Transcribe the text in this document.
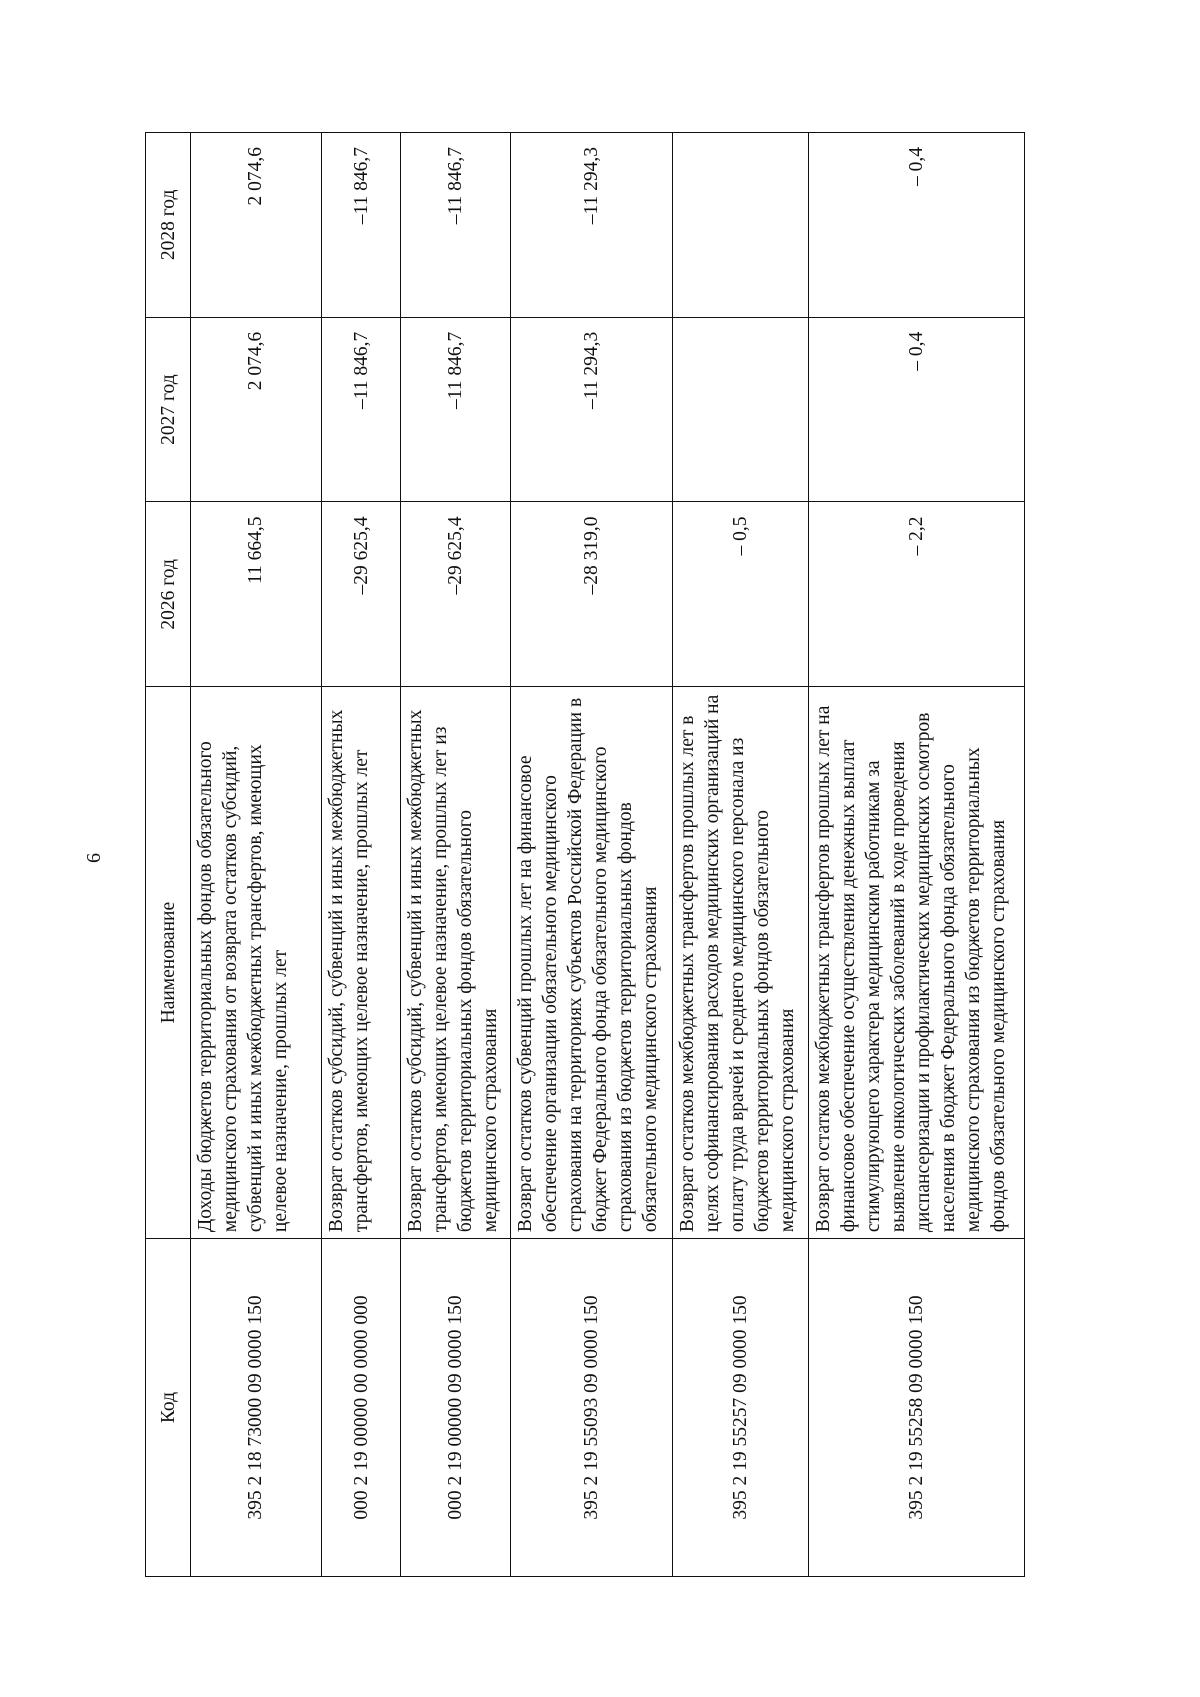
6
Код	Наименование	2026 год	2027 год	2028 год
395 2 18 73000 09 0000 150	Доходы бюджетов территориальных фондов обязательного медицинского страхования от возврата остатков субсидий, субвенций и иных межбюджетных трансфертов, имеющих целевое назначение, прошлых лет	11 664,5	2 074,6	2 074,6
000 2 19 00000 00 0000 000	Возврат остатков субсидий, субвенций и иных межбюджетных трансфертов, имеющих целевое назначение, прошлых лет	–29 625,4	–11 846,7	–11 846,7
000 2 19 00000 09 0000 150	Возврат остатков субсидий, субвенций и иных межбюджетных трансфертов, имеющих целевое назначение, прошлых лет из бюджетов территориальных фондов обязательного медицинского страхования	–29 625,4	–11 846,7	–11 846,7
395 2 19 55093 09 0000 150	Возврат остатков субвенций прошлых лет на финансовое обеспечение организации обязательного медицинского страхования на территориях субъектов Российской Федерации в бюджет Федерального фонда обязательного медицинского страхования из бюджетов территориальных фондов обязательного медицинского страхования	–28 319,0	–11 294,3	–11 294,3
395 2 19 55257 09 0000 150	Возврат остатков межбюджетных трансфертов прошлых лет в целях софинансирования расходов медицинских организаций на оплату труда врачей и среднего медицинского персонала из бюджетов территориальных фондов обязательного медицинского страхования	– 0,5		
395 2 19 55258 09 0000 150	Возврат остатков межбюджетных трансфертов прошлых лет на финансовое обеспечение осуществления денежных выплат стимулирующего характера медицинским работникам за выявление онкологических заболеваний в ходе проведения диспансеризации и профилактических медицинских осмотров населения в бюджет Федерального фонда обязательного медицинского страхования из бюджетов территориальных фондов обязательного медицинского страхования	– 2,2	– 0,4	– 0,4
